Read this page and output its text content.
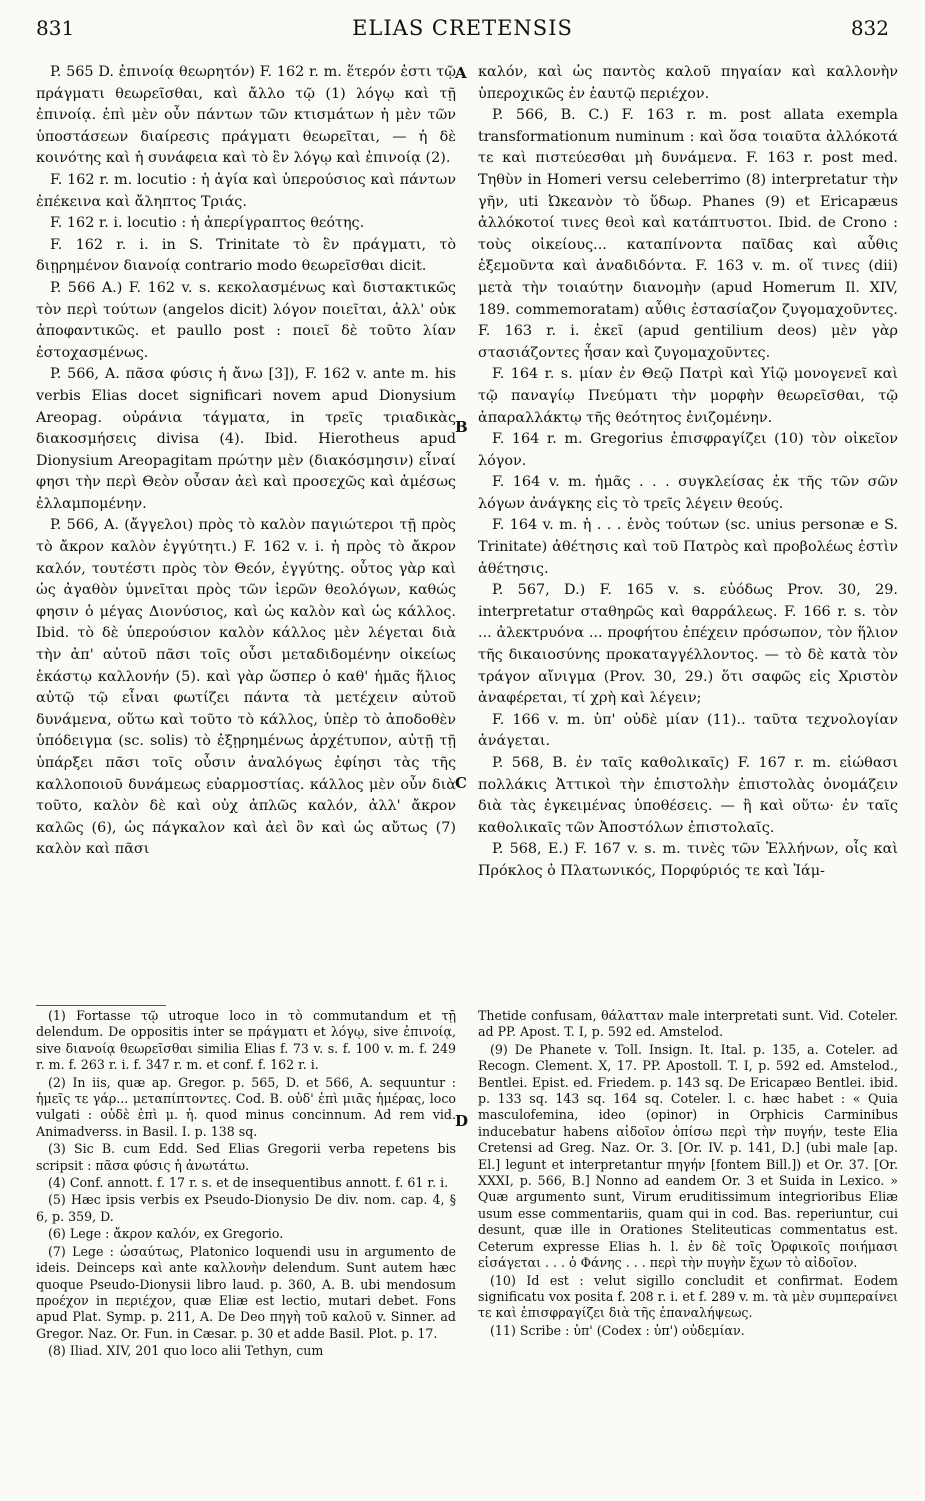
831	ELIAS CRETENSIS	832

P. 565 D. ἐπινοίᾳ θεωρητόν) F. 162 r. m. ἕτερόν ἐστι τῷ πράγματι θεωρεῖσθαι, καὶ ἄλλο τῷ (1) λόγῳ καὶ τῇ ἐπινοίᾳ. ἐπὶ μὲν οὖν πάντων τῶν κτισμάτων ἡ μὲν τῶν ὑποστάσεων διαίρεσις πράγματι θεωρεῖται, — ἡ δὲ κοινότης καὶ ἡ συνάφεια καὶ τὸ ἓν λόγῳ καὶ ἐπινοίᾳ (2).

F. 162 r. m. locutio : ἡ ἁγία καὶ ὑπερούσιος καὶ πάντων ἐπέκεινα καὶ ἄληπτος Τριάς.

F. 162 r. i. locutio : ἡ ἀπερίγραπτος θεότης.

F. 162 r. i. in S. Trinitate τὸ ἓν πράγματι, τὸ διῃρημένον διανοίᾳ contrario modo θεωρεῖσθαι dicit.

P. 566 A.) F. 162 v. s. κεκολασμένως καὶ διστακτικῶς τὸν περὶ τούτων (angelos dicit) λόγον ποιεῖται, ἀλλ' οὐκ ἀποφαντικῶς. et paullo post : ποιεῖ δὲ τοῦτο λίαν ἐστοχασμένως.

P. 566, A. πᾶσα φύσις ἡ ἄνω [3]), F. 162 v. ante m. his verbis Elias docet significari novem apud Dionysium Areopag. οὐράνια τάγματα, in τρεῖς τριαδικὰς διακοσμήσεις divisa (4). Ibid. Hierotheus apud Dionysium Areopagitam πρώτην μὲν (διακόσμησιν) εἶναί φησι τὴν περὶ Θεὸν οὖσαν ἀεὶ καὶ προσεχῶς καὶ ἀμέσως ἐλλαμπομένην.

P. 566, A. (ἄγγελοι) πρὸς τὸ καλὸν παγιώτεροι τῇ πρὸς τὸ ἄκρον καλὸν ἐγγύτητι.) F. 162 v. i. ἡ πρὸς τὸ ἄκρον καλόν, τουτέστι πρὸς τὸν Θεόν, ἐγγύτης. οὗτος γὰρ καὶ ὡς ἀγαθὸν ὑμνεῖται πρὸς τῶν ἱερῶν θεολόγων, καθώς φησιν ὁ μέγας Διονύσιος, καὶ ὡς καλὸν καὶ ὡς κάλλος. Ibid. τὸ δὲ ὑπερούσιον καλὸν κάλλος μὲν λέγεται διὰ τὴν ἀπ' αὐτοῦ πᾶσι τοῖς οὖσι μεταδιδομένην οἰκείως ἑκάστῳ καλλονήν (5). καὶ γὰρ ὥσπερ ὁ καθ' ἡμᾶς ἥλιος αὐτῷ τῷ εἶναι φωτίζει πάντα τὰ μετέχειν αὐτοῦ δυνάμενα, οὕτω καὶ τοῦτο τὸ κάλλος, ὑπὲρ τὸ ἀποδοθὲν ὑπόδειγμα (sc. solis) τὸ ἐξῃρημένως ἀρχέτυπον, αὐτῇ τῇ ὑπάρξει πᾶσι τοῖς οὖσιν ἀναλόγως ἐφίησι τὰς τῆς καλλοποιοῦ δυνάμεως εὐαρμοστίας. κάλλος μὲν οὖν διὰ τοῦτο, καλὸν δὲ καὶ οὐχ ἁπλῶς καλόν, ἀλλ' ἄκρον καλῶς (6), ὡς πάγκαλον καὶ ἀεὶ ὂν καὶ ὡς αὔτως (7) καλὸν καὶ πᾶσι

A
B
C
D

καλόν, καὶ ὡς παντὸς καλοῦ πηγαίαν καὶ καλλονὴν ὑπεροχικῶς ἐν ἑαυτῷ περιέχον.

P. 566, B. C.) F. 163 r. m. post allata exempla transformationum numinum : καὶ ὅσα τοιαῦτα ἀλλόκοτά τε καὶ πιστεύεσθαι μὴ δυνάμενα. F. 163 r. post med. Τηθὺν in Homeri versu celeberrimo (8) interpretatur τὴν γῆν, uti Ὠκεανὸν τὸ ὕδωρ. Phanes (9) et Ericapæus ἀλλόκοτοί τινες θεοὶ καὶ κατάπτυστοι. Ibid. de Crono : τοὺς οἰκείους... καταπίνοντα παῖδας καὶ αὖθις ἐξεμοῦντα καὶ ἀναδιδόντα. F. 163 v. m. οἵ τινες (dii) μετὰ τὴν τοιαύτην διανομὴν (apud Homerum Il. XIV, 189. commemoratam) αὖθις ἐστασίαζον ζυγομαχοῦντες. F. 163 r. i. ἐκεῖ (apud gentilium deos) μὲν γὰρ στασιάζοντες ἦσαν καὶ ζυγομαχοῦντες.

F. 164 r. s. μίαν ἐν Θεῷ Πατρὶ καὶ Υἱῷ μονογενεῖ καὶ τῷ παναγίῳ Πνεύματι τὴν μορφὴν θεωρεῖσθαι, τῷ ἀπαραλλάκτῳ τῆς θεότητος ἐνιζομένην.

F. 164 r. m. Gregorius ἐπισφραγίζει (10) τὸν οἰκεῖον λόγον.

F. 164 v. m. ἡμᾶς . . . συγκλείσας ἐκ τῆς τῶν σῶν λόγων ἀνάγκης εἰς τὸ τρεῖς λέγειν θεούς.

F. 164 v. m. ἡ . . . ἑνὸς τούτων (sc. unius personæ e S. Trinitate) ἀθέτησις καὶ τοῦ Πατρὸς καὶ προβολέως ἐστὶν ἀθέτησις.

P. 567, D.) F. 165 v. s. εὐόδως Prov. 30, 29. interpretatur σταθηρῶς καὶ θαρράλεως. F. 166 r. s. τὸν ... ἀλεκτρυόνα ... προφήτου ἐπέχειν πρόσωπον, τὸν ἥλιον τῆς δικαιοσύνης προκαταγγέλλοντος. — τὸ δὲ κατὰ τὸν τράγον αἴνιγμα (Prov. 30, 29.) ὅτι σαφῶς εἰς Χριστὸν ἀναφέρεται, τί χρὴ καὶ λέγειν;

F. 166 v. m. ὑπ' οὐδὲ μίαν (11).. ταῦτα τεχνολογίαν ἀνάγεται.

P. 568, B. ἐν ταῖς καθολικαῖς) F. 167 r. m. εἰώθασι πολλάκις Ἀττικοὶ τὴν ἐπιστολὴν ἐπιστολὰς ὀνομάζειν διὰ τὰς ἐγκειμένας ὑποθέσεις. — ἢ καὶ οὕτω· ἐν ταῖς καθολικαῖς τῶν Ἀποστόλων ἐπιστολαῖς.

P. 568, E.) F. 167 v. s. m. τινὲς τῶν Ἑλλήνων, οἷς καὶ Πρόκλος ὁ Πλατωνικός, Πορφύριός τε καὶ Ἰάμ-

(1) Fortasse τῷ utroque loco in τὸ commutandum et τῇ delendum. De oppositis inter se πράγματι et λόγῳ, sive ἐπινοίᾳ, sive διανοίᾳ θεωρεῖσθαι similia Elias f. 73 v. s. f. 100 v. m. f. 249 r. m. f. 263 r. i. f. 347 r. m. et conf. f. 162 r. i.

(2) In iis, quæ ap. Gregor. p. 565, D. et 566, A. sequuntur : ἡμεῖς τε γάρ... μεταπίπτοντες. Cod. B. οὐδ' ἐπὶ μιᾶς ἡμέρας, loco vulgati : οὐδὲ ἐπὶ μ. ἡ. quod minus concinnum. Ad rem vid. Animadverss. in Basil. I. p. 138 sq.

(3) Sic B. cum Edd. Sed Elias Gregorii verba repetens bis scripsit : πᾶσα φύσις ἡ ἀνωτάτω.

(4) Conf. annott. f. 17 r. s. et de insequentibus annott. f. 61 r. i.

(5) Hæc ipsis verbis ex Pseudo-Dionysio De div. nom. cap. 4, § 6, p. 359, D.

(6) Lege : ἄκρον καλόν, ex Gregorio.

(7) Lege : ὡσαύτως, Platonico loquendi usu in argumento de ideis. Deinceps καὶ ante καλλονὴν delendum. Sunt autem hæc quoque Pseudo-Dionysii libro laud. p. 360, A. B. ubi mendosum προέχον in περιέχον, quæ Eliæ est lectio, mutari debet. Fons apud Plat. Symp. p. 211, A. De Deo πηγὴ τοῦ καλοῦ v. Sinner. ad Gregor. Naz. Or. Fun. in Cæsar. p. 30 et adde Basil. Plot. p. 17.

(8) Iliad. XIV, 201 quo loco alii Tethyn, cum

Thetide confusam, θάλατταν male interpretati sunt. Vid. Coteler. ad PP. Apost. T. I, p. 592 ed. Amstelod.

(9) De Phanete v. Toll. Insign. It. Ital. p. 135, a. Coteler. ad Recogn. Clement. X, 17. PP. Apostoll. T. I, p. 592 ed. Amstelod., Bentlei. Epist. ed. Friedem. p. 143 sq. De Ericapæo Bentlei. ibid. p. 133 sq. 143 sq. 164 sq. Coteler. l. c. hæc habet : « Quia masculofemina, ideo (opinor) in Orphicis Carminibus inducebatur habens αἰδοῖον ὀπίσω περὶ τὴν πυγήν, teste Elia Cretensi ad Greg. Naz. Or. 3. [Or. IV. p. 141, D.] (ubi male [ap. El.] legunt et interpretantur πηγήν [fontem Bill.]) et Or. 37. [Or. XXXI, p. 566, B.] Nonno ad eandem Or. 3 et Suida in Lexico. » Quæ argumento sunt, Virum eruditissimum integrioribus Eliæ usum esse commentariis, quam qui in cod. Bas. reperiuntur, cui desunt, quæ ille in Orationes Steliteuticas commentatus est. Ceterum expresse Elias h. l. ἐν δὲ τοῖς Ὀρφικοῖς ποιήμασι εἰσάγεται . . . ὁ Φάνης . . . περὶ τὴν πυγὴν ἔχων τὸ αἰδοῖον.

(10) Id est : velut sigillo concludit et confirmat. Eodem significatu vox posita f. 208 r. i. et f. 289 v. m. τὰ μὲν συμπεραίνει τε καὶ ἐπισφραγίζει διὰ τῆς ἐπαναλήψεως.

(11) Scribe : ὑπ' (Codex : ὑπ') οὐδεμίαν.
